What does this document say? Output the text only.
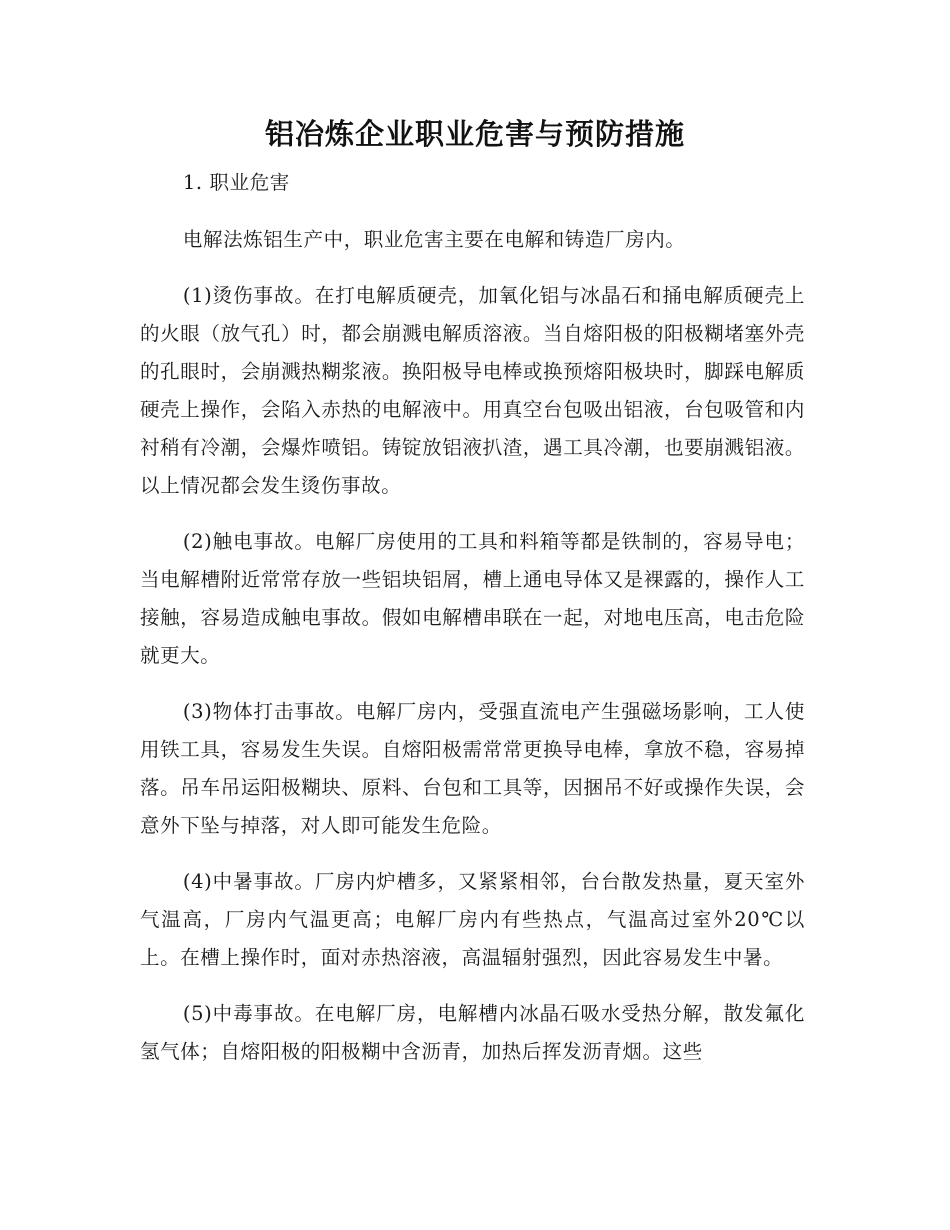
铝冶炼企业职业危害与预防措施

1. 职业危害

电解法炼铝生产中，职业危害主要在电解和铸造厂房内。

(1)烫伤事故。在打电解质硬壳，加氧化铝与冰晶石和捅电解质硬壳上的火眼（放气孔）时，都会崩溅电解质溶液。当自熔阳极的阳极糊堵塞外壳的孔眼时，会崩溅热糊浆液。换阳极导电棒或换预熔阳极块时，脚踩电解质硬壳上操作，会陷入赤热的电解液中。用真空台包吸出铝液，台包吸管和内衬稍有冷潮，会爆炸喷铝。铸锭放铝液扒渣，遇工具冷潮，也要崩溅铝液。以上情况都会发生烫伤事故。

(2)触电事故。电解厂房使用的工具和料箱等都是铁制的，容易导电；当电解槽附近常常存放一些铝块铝屑，槽上通电导体又是裸露的，操作人工接触，容易造成触电事故。假如电解槽串联在一起，对地电压高，电击危险就更大。

(3)物体打击事故。电解厂房内，受强直流电产生强磁场影响，工人使用铁工具，容易发生失误。自熔阳极需常常更换导电棒，拿放不稳，容易掉落。吊车吊运阳极糊块、原料、台包和工具等，因捆吊不好或操作失误，会意外下坠与掉落，对人即可能发生危险。

(4)中暑事故。厂房内炉槽多，又紧紧相邻，台台散发热量，夏天室外气温高，厂房内气温更高；电解厂房内有些热点，气温高过室外20℃以上。在槽上操作时，面对赤热溶液，高温辐射强烈，因此容易发生中暑。

(5)中毒事故。在电解厂房，电解槽内冰晶石吸水受热分解，散发氟化氢气体；自熔阳极的阳极糊中含沥青，加热后挥发沥青烟。这些
